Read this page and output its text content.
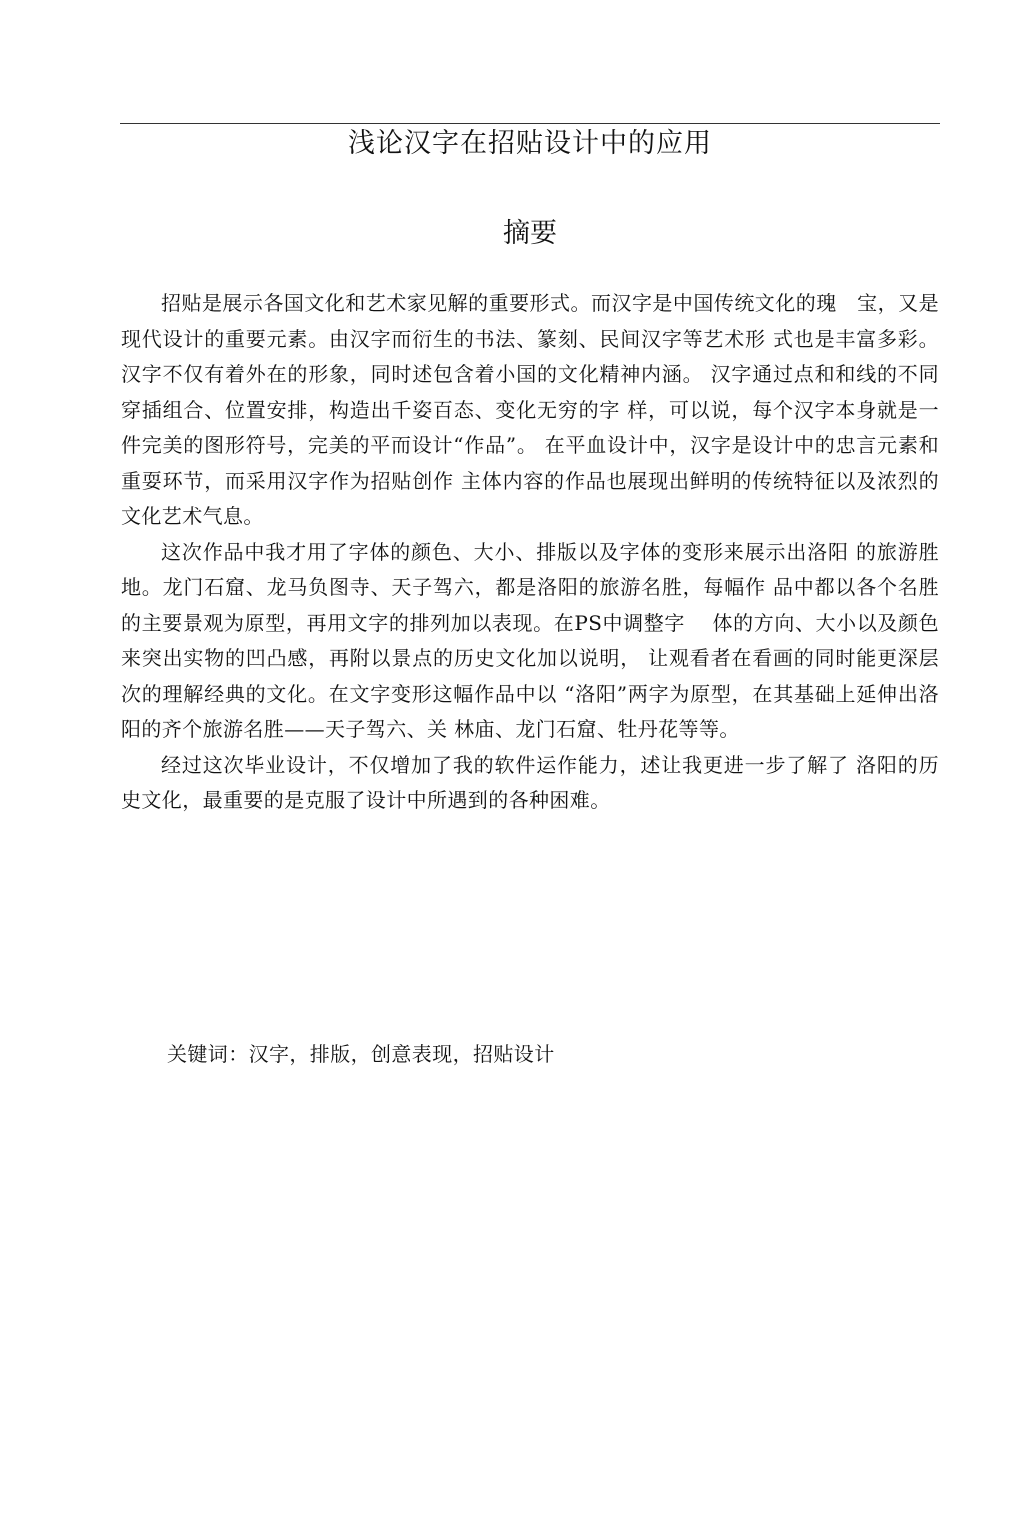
浅论汉字在招贴设计中的应用
摘要

招贴是展示各国文化和艺术家见解的重要形式。而汉字是中国传统文化的瑰　宝，又是现代设计的重要元素。由汉字而衍生的书法、篆刻、民间汉字等艺术形 式也是丰富多彩。汉字不仅有着外在的形象，同时述包含着小国的文化精神内涵。 汉字通过点和和线的不同穿插组合、位置安排，构造出千姿百态、变化无穷的字 样，可以说，每个汉字本身就是一件完美的图形符号，完美的平而设计“作品”。 在平血设计中，汉字是设计中的忠言元素和重耍环节，而采用汉字作为招贴创作 主体内容的作品也展现出鲜明的传统特征以及浓烈的文化艺术气息。

这次作品中我才用了字体的颜色、大小、排版以及字体的变形来展示出洛阳 的旅游胜地。龙门石窟、龙马负图寺、天子驾六，都是洛阳的旅游名胜，每幅作 品中都以各个名胜的主要景观为原型，再用文字的排列加以表现。在PS中调整字　 体的方向、大小以及颜色来突出实物的凹凸感，再附以景点的历史文化加以说明， 让观看者在看画的同时能更深层次的理解经典的文化。在文字变形这幅作品中以 “洛阳”两字为原型，在其基础上延伸出洛阳的齐个旅游名胜——天子驾六、关 林庙、龙门石窟、牡丹花等等。

经过这次毕业设计，不仅增加了我的软件运作能力，述让我更进一步了解了 洛阳的历史文化，最重要的是克服了设计中所遇到的各种困难。

关键词：汉字，排版，创意表现，招贴设计
